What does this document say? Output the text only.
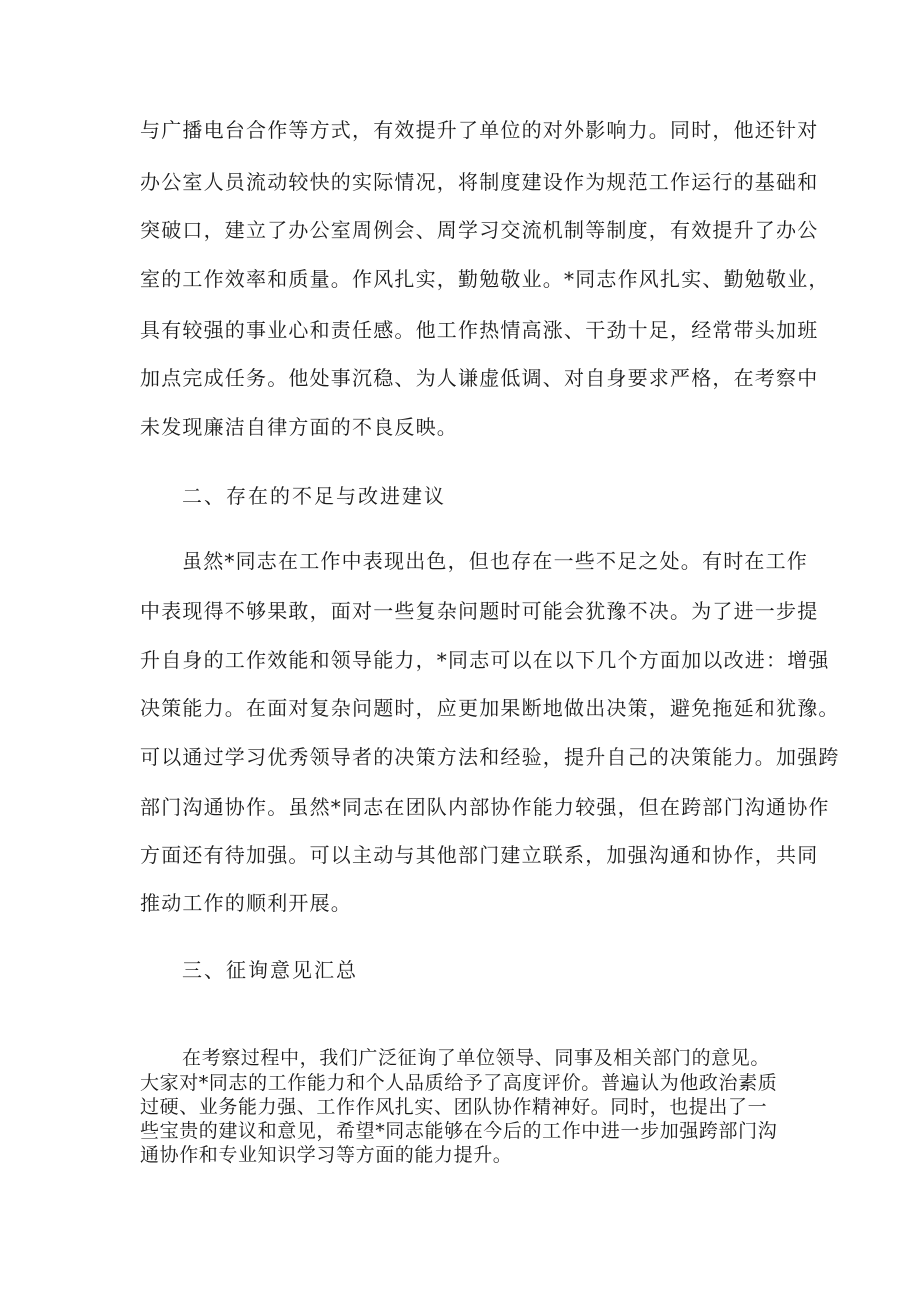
与广播电台合作等方式，有效提升了单位的对外影响力。同时，他还针对
办公室人员流动较快的实际情况，将制度建设作为规范工作运行的基础和
突破口，建立了办公室周例会、周学习交流机制等制度，有效提升了办公
室的工作效率和质量。作风扎实，勤勉敬业。*同志作风扎实、勤勉敬业，
具有较强的事业心和责任感。他工作热情高涨、干劲十足，经常带头加班
加点完成任务。他处事沉稳、为人谦虚低调、对自身要求严格，在考察中
未发现廉洁自律方面的不良反映。
二、存在的不足与改进建议
虽然*同志在工作中表现出色，但也存在一些不足之处。有时在工作
中表现得不够果敢，面对一些复杂问题时可能会犹豫不决。为了进一步提
升自身的工作效能和领导能力，*同志可以在以下几个方面加以改进：增强
决策能力。在面对复杂问题时，应更加果断地做出决策，避免拖延和犹豫。
可以通过学习优秀领导者的决策方法和经验，提升自己的决策能力。加强跨
部门沟通协作。虽然*同志在团队内部协作能力较强，但在跨部门沟通协作
方面还有待加强。可以主动与其他部门建立联系，加强沟通和协作，共同
推动工作的顺利开展。
三、征询意见汇总
在考察过程中，我们广泛征询了单位领导、同事及相关部门的意见。
大家对*同志的工作能力和个人品质给予了高度评价。普遍认为他政治素质
过硬、业务能力强、工作作风扎实、团队协作精神好。同时，也提出了一
些宝贵的建议和意见，希望*同志能够在今后的工作中进一步加强跨部门沟
通协作和专业知识学习等方面的能力提升。
